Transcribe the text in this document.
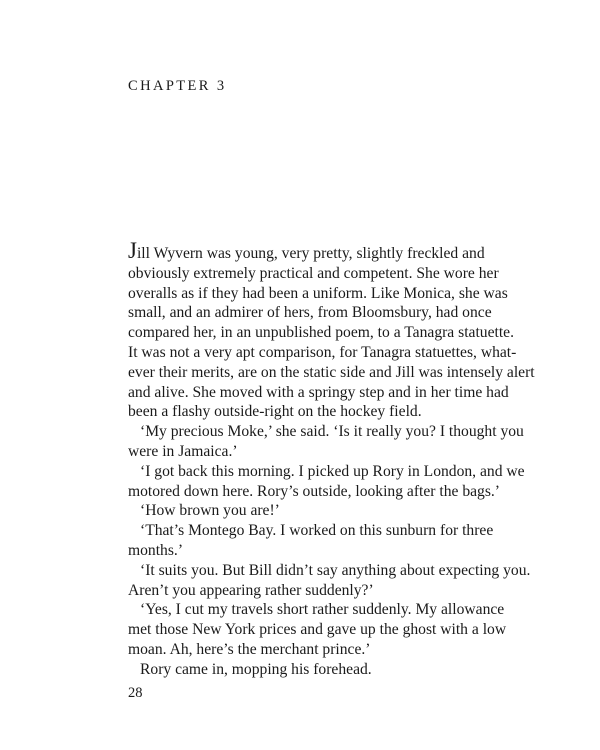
CHAPTER 3

Jill Wyvern was young, very pretty, slightly freckled and
obviously extremely practical and competent. She wore her
overalls as if they had been a uniform. Like Monica, she was
small, and an admirer of hers, from Bloomsbury, had once
compared her, in an unpublished poem, to a Tanagra statuette.
It was not a very apt comparison, for Tanagra statuettes, what-
ever their merits, are on the static side and Jill was intensely alert
and alive. She moved with a springy step and in her time had
been a flashy outside-right on the hockey field.

‘My precious Moke,’ she said. ‘Is it really you? I thought you
were in Jamaica.’

‘I got back this morning. I picked up Rory in London, and we
motored down here. Rory’s outside, looking after the bags.’

‘How brown you are!’

‘That’s Montego Bay. I worked on this sunburn for three
months.’

‘It suits you. But Bill didn’t say anything about expecting you.
Aren’t you appearing rather suddenly?’

‘Yes, I cut my travels short rather suddenly. My allowance
met those New York prices and gave up the ghost with a low
moan. Ah, here’s the merchant prince.’

Rory came in, mopping his forehead.

28
